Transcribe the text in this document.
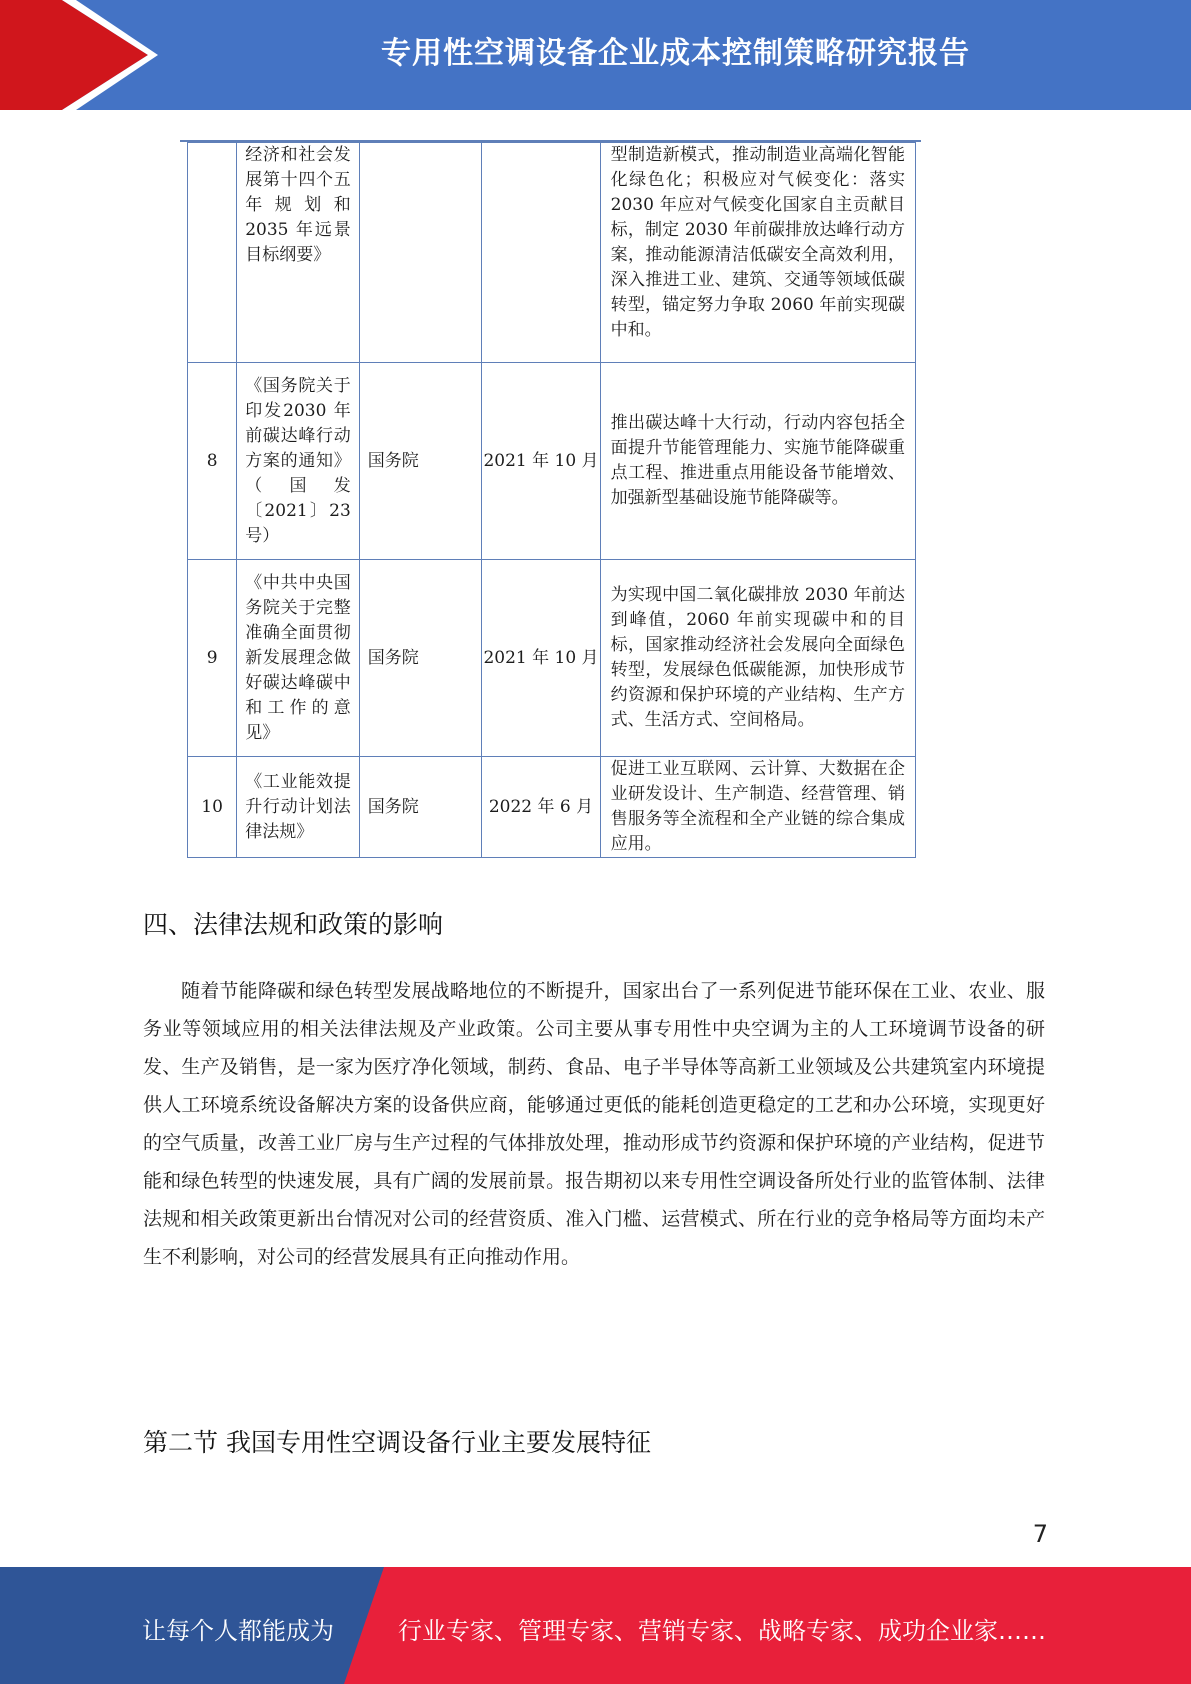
专用性空调设备企业成本控制策略研究报告
	经济和社会发展第十四个五年规划和 2035 年远景目标纲要》			型制造新模式，推动制造业高端化智能化绿色化；积极应对气候变化：落实 2030 年应对气候变化国家自主贡献目标，制定 2030 年前碳排放达峰行动方案，推动能源清洁低碳安全高效利用，深入推进工业、建筑、交通等领域低碳转型，锚定努力争取 2060 年前实现碳中和。
8	《国务院关于印发2030 年前碳达峰行动方案的通知》（国发〔2021〕23号）	国务院	2021 年 10 月	推出碳达峰十大行动，行动内容包括全面提升节能管理能力、实施节能降碳重点工程、推进重点用能设备节能增效、加强新型基础设施节能降碳等。
9	《中共中央国务院关于完整准确全面贯彻新发展理念做好碳达峰碳中和工作的意见》	国务院	2021 年 10 月	为实现中国二氧化碳排放 2030 年前达到峰值，2060 年前实现碳中和的目标，国家推动经济社会发展向全面绿色转型，发展绿色低碳能源，加快形成节约资源和保护环境的产业结构、生产方式、生活方式、空间格局。
10	《工业能效提升行动计划法律法规》	国务院	2022 年 6 月	促进工业互联网、云计算、大数据在企业研发设计、生产制造、经营管理、销售服务等全流程和全产业链的综合集成应用。
四、法律法规和政策的影响

随着节能降碳和绿色转型发展战略地位的不断提升，国家出台了一系列促进节能环保在工业、农业、服务业等领域应用的相关法律法规及产业政策。公司主要从事专用性中央空调为主的人工环境调节设备的研发、生产及销售，是一家为医疗净化领域，制药、食品、电子半导体等高新工业领域及公共建筑室内环境提供人工环境系统设备解决方案的设备供应商，能够通过更低的能耗创造更稳定的工艺和办公环境，实现更好的空气质量，改善工业厂房与生产过程的气体排放处理，推动形成节约资源和保护环境的产业结构，促进节能和绿色转型的快速发展，具有广阔的发展前景。报告期初以来专用性空调设备所处行业的监管体制、法律法规和相关政策更新出台情况对公司的经营资质、准入门槛、运营模式、所在行业的竞争格局等方面均未产生不利影响，对公司的经营发展具有正向推动作用。

第二节 我国专用性空调设备行业主要发展特征
7
让每个人都能成为	行业专家、管理专家、营销专家、战略专家、成功企业家……
